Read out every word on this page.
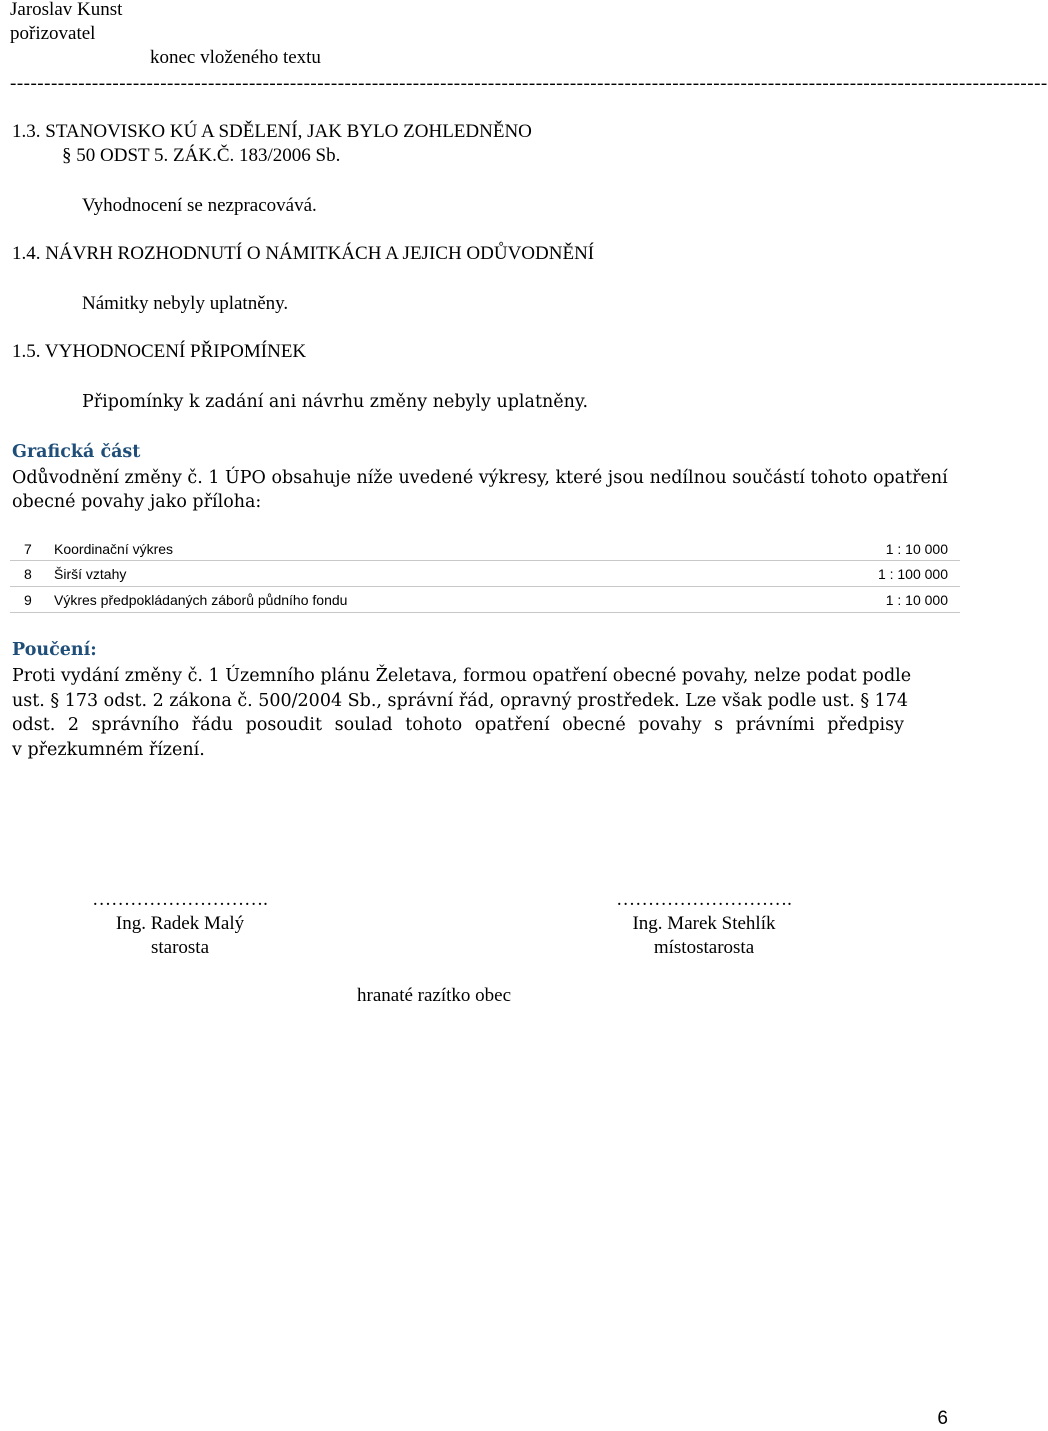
Jaroslav Kunst
pořizovatel
konec vloženého textu
--------------------------------------------------------------------------------------------------------------------------------------------------------
1.3. STANOVISKO KÚ A SDĚLENÍ, JAK BYLO ZOHLEDNĚNO
§ 50 ODST 5. ZÁK.Č. 183/2006 Sb.
Vyhodnocení se nezpracovává.
1.4. NÁVRH ROZHODNUTÍ O NÁMITKÁCH A JEJICH ODŮVODNĚNÍ
Námitky nebyly uplatněny.
1.5. VYHODNOCENÍ PŘIPOMÍNEK
Připomínky k zadání ani návrhu změny nebyly uplatněny.
Grafická část
Odůvodnění změny č. 1 ÚPO obsahuje níže uvedené výkresy, které jsou nedílnou součástí tohoto opatření
obecné povahy jako příloha:
7 Koordinační výkres	1 : 10 000
8 Širší vztahy	1 : 100 000
9 Výkres předpokládaných záborů půdního fondu	1 : 10 000
Poučení:
Proti vydání změny č. 1 Územního plánu Želetava, formou opatření obecné povahy, nelze podat podle
ust. § 173 odst. 2 zákona č. 500/2004 Sb., správní řád, opravný prostředek. Lze však podle ust. § 174
odst. 2 správního řádu posoudit soulad tohoto opatření obecné povahy s právními předpisy
v přezkumném řízení.
……………………….
Ing. Radek Malý
starosta
……………………….
Ing. Marek Stehlík
místostarosta
hranaté razítko obec
6
